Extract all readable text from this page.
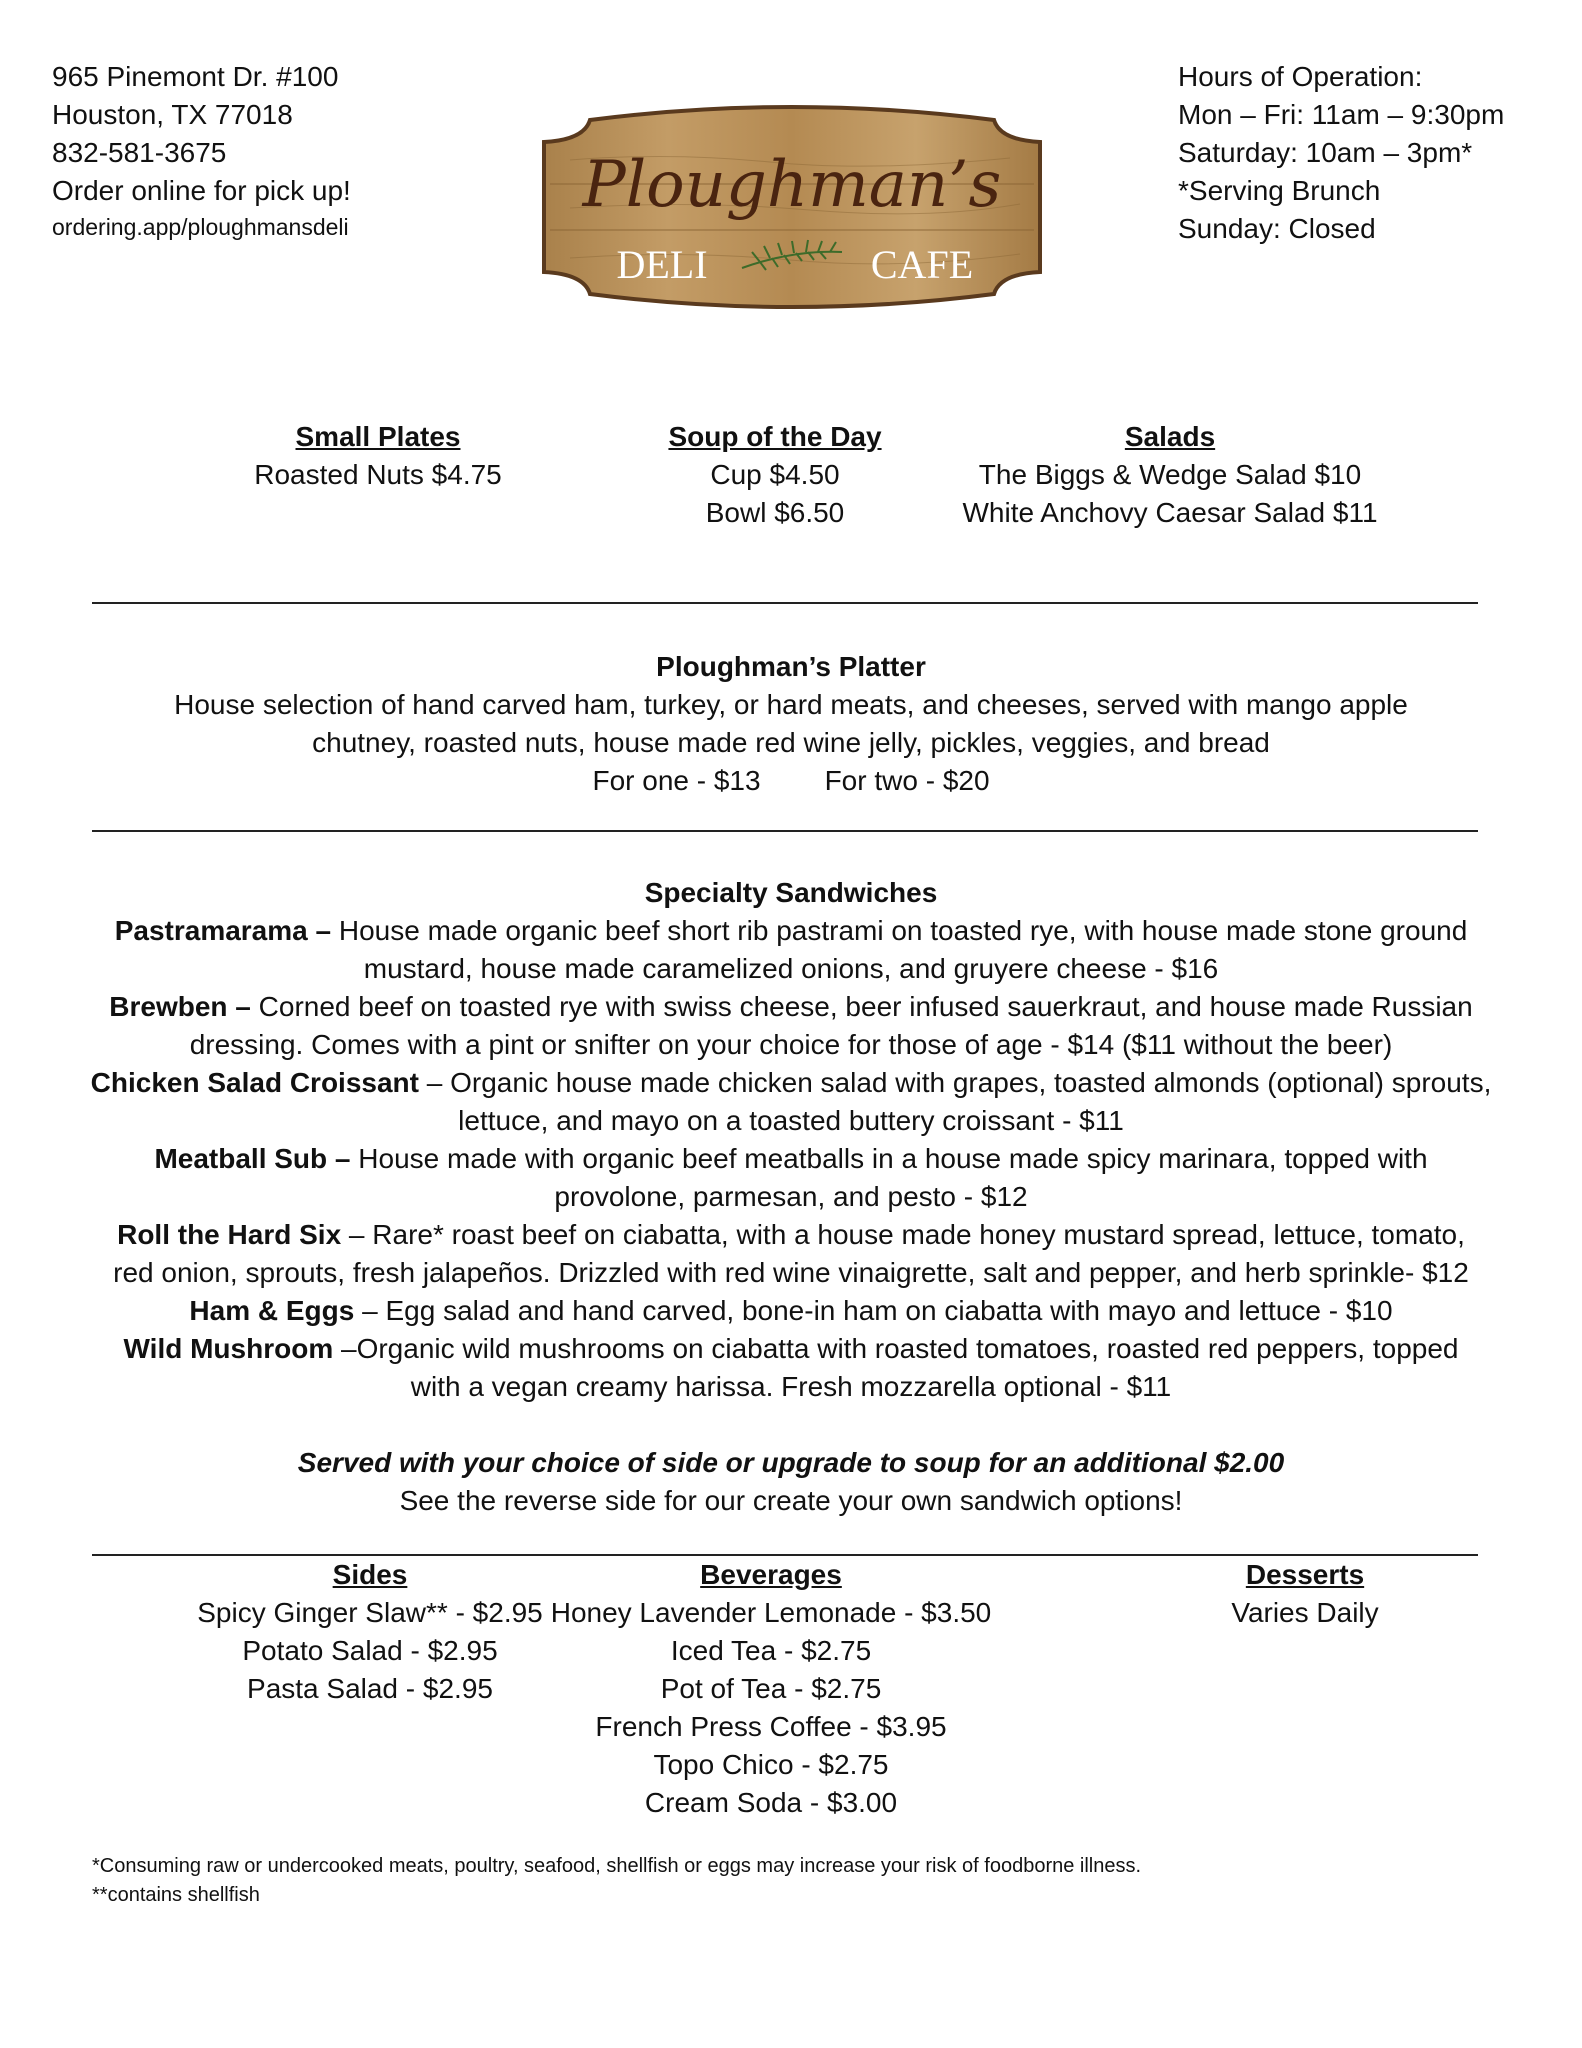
965 Pinemont Dr. #100
Houston, TX 77018
832-581-3675
Order online for pick up!
ordering.app/ploughmansdeli
Hours of Operation:
Mon – Fri: 11am – 9:30pm
Saturday: 10am – 3pm*
*Serving Brunch
Sunday: Closed
Ploughman’s
DELI	CAFE
Small Plates
Roasted Nuts $4.75
Soup of the Day
Cup $4.50
Bowl $6.50
Salads
The Biggs & Wedge Salad $10
White Anchovy Caesar Salad $11
Ploughman’s Platter
House selection of hand carved ham, turkey, or hard meats, and cheeses, served with mango apple
chutney, roasted nuts, house made red wine jelly, pickles, veggies, and bread
For one - $13 For two - $20
Specialty Sandwiches
Pastramarama – House made organic beef short rib pastrami on toasted rye, with house made stone ground
mustard, house made caramelized onions, and gruyere cheese - $16
Brewben – Corned beef on toasted rye with swiss cheese, beer infused sauerkraut, and house made Russian
dressing. Comes with a pint or snifter on your choice for those of age - $14 ($11 without the beer)
Chicken Salad Croissant – Organic house made chicken salad with grapes, toasted almonds (optional) sprouts,
lettuce, and mayo on a toasted buttery croissant - $11
Meatball Sub – House made with organic beef meatballs in a house made spicy marinara, topped with
provolone, parmesan, and pesto - $12
Roll the Hard Six – Rare* roast beef on ciabatta, with a house made honey mustard spread, lettuce, tomato,
red onion, sprouts, fresh jalapeños. Drizzled with red wine vinaigrette, salt and pepper, and herb sprinkle- $12
Ham & Eggs – Egg salad and hand carved, bone-in ham on ciabatta with mayo and lettuce - $10
Wild Mushroom –Organic wild mushrooms on ciabatta with roasted tomatoes, roasted red peppers, topped
with a vegan creamy harissa. Fresh mozzarella optional - $11
Served with your choice of side or upgrade to soup for an additional $2.00
See the reverse side for our create your own sandwich options!
Sides
Spicy Ginger Slaw** - $2.95
Potato Salad - $2.95
Pasta Salad - $2.95
Beverages
Honey Lavender Lemonade - $3.50
Iced Tea - $2.75
Pot of Tea - $2.75
French Press Coffee - $3.95
Topo Chico - $2.75
Cream Soda - $3.00
Desserts
Varies Daily
*Consuming raw or undercooked meats, poultry, seafood, shellfish or eggs may increase your risk of foodborne illness.
**contains shellfish
